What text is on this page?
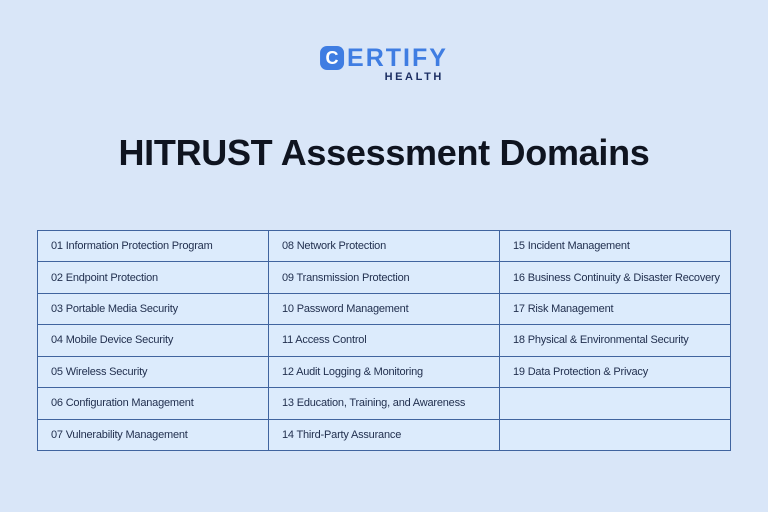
C ERTIFY
HEALTH
HITRUST Assessment Domains
01 Information Protection Program	08 Network Protection	15 Incident Management
02 Endpoint Protection	09 Transmission Protection	16 Business Continuity & Disaster Recovery
03 Portable Media Security	10 Password Management	17 Risk Management
04 Mobile Device Security	11 Access Control	18 Physical & Environmental Security
05 Wireless Security	12 Audit Logging & Monitoring	19 Data Protection & Privacy
06 Configuration Management	13 Education, Training, and Awareness	
07 Vulnerability Management	14 Third-Party Assurance	
